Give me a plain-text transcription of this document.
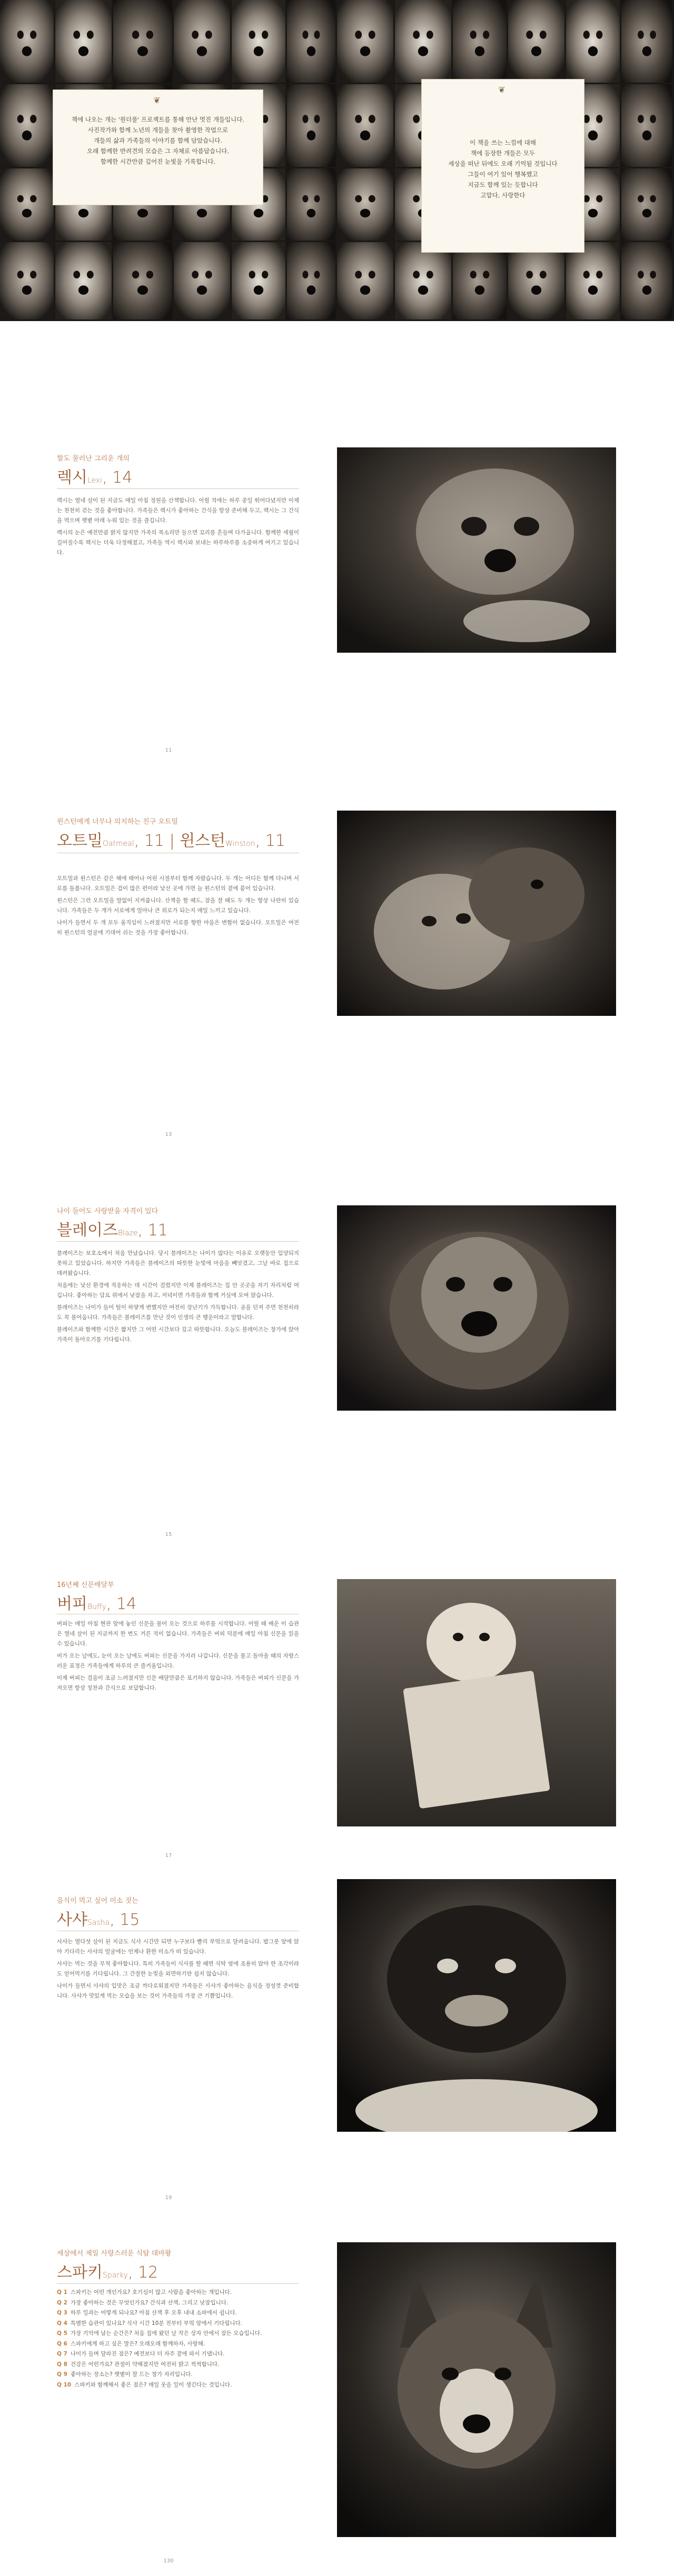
❦
책에 나오는 개는 '원더풀' 프로젝트를 통해 만난 멋진 개들입니다.
사진작가와 함께 노년의 개들을 찾아 촬영한 작업으로
개들의 삶과 가족들의 이야기를 함께 담았습니다.
오래 함께한 반려견의 모습은 그 자체로 아름답습니다.
함께한 시간만큼 깊어진 눈빛을 기록합니다.
❦
이 책을 쓰는 느낌에 대해
책에 등장한 개들은 모두
세상을 떠난 뒤에도 오래 기억될 것입니다
그들이 여기 있어 행복했고
지금도 함께 있는 듯합니다
고맙다, 사랑한다
할도 물러난 그리운 개의
렉시Lexi, 14

렉시는 열네 살이 된 지금도 매일 아침 정원을 산책합니다. 어릴 적에는 하루 종일 뛰어다녔지만 이제는 천천히 걷는 것을 좋아합니다. 가족들은 렉시가 좋아하는 간식을 항상 준비해 두고, 렉시는 그 간식을 먹으며 햇볕 아래 누워 있는 것을 즐깁니다.

렉시의 눈은 예전만큼 밝지 않지만 가족의 목소리만 들으면 꼬리를 흔들며 다가옵니다. 함께한 세월이 길어질수록 렉시는 더욱 다정해졌고, 가족들 역시 렉시와 보내는 하루하루를 소중하게 여기고 있습니다.

11
윈스턴에게 너무나 의지하는 친구 오트밀
오트밀Oatmeal, 11 | 윈스턴Winston, 11

오트밀과 윈스턴은 같은 해에 태어나 어린 시절부터 함께 자랐습니다. 두 개는 어디든 함께 다니며 서로를 돌봅니다. 오트밀은 겁이 많은 편이라 낯선 곳에 가면 늘 윈스턴의 곁에 붙어 있습니다.

윈스턴은 그런 오트밀을 말없이 지켜줍니다. 산책을 할 때도, 잠을 잘 때도 두 개는 항상 나란히 있습니다. 가족들은 두 개가 서로에게 얼마나 큰 위로가 되는지 매일 느끼고 있습니다.

나이가 들면서 두 개 모두 움직임이 느려졌지만 서로를 향한 마음은 변함이 없습니다. 오트밀은 여전히 윈스턴의 얼굴에 기대어 쉬는 것을 가장 좋아합니다.

13
나이 들어도 사랑받을 자격이 있다
블레이즈Blaze, 11

블레이즈는 보호소에서 처음 만났습니다. 당시 블레이즈는 나이가 많다는 이유로 오랫동안 입양되지 못하고 있었습니다. 하지만 가족들은 블레이즈의 따뜻한 눈빛에 마음을 빼앗겼고, 그날 바로 집으로 데려왔습니다.

처음에는 낯선 환경에 적응하는 데 시간이 걸렸지만 이제 블레이즈는 집 안 곳곳을 자기 자리처럼 여깁니다. 좋아하는 담요 위에서 낮잠을 자고, 저녁이면 가족들과 함께 거실에 모여 앉습니다.

블레이즈는 나이가 들어 털이 하얗게 변했지만 여전히 장난기가 가득합니다. 공을 던져 주면 천천히라도 꼭 물어옵니다. 가족들은 블레이즈를 만난 것이 인생의 큰 행운이라고 말합니다.

블레이즈와 함께한 시간은 짧지만 그 어떤 시간보다 깊고 따뜻합니다. 오늘도 블레이즈는 창가에 앉아 가족이 돌아오기를 기다립니다.

15
16년째 신문배달부
버피Buffy, 14

버피는 매일 아침 현관 앞에 놓인 신문을 물어 오는 것으로 하루를 시작합니다. 어릴 때 배운 이 습관은 열네 살이 된 지금까지 한 번도 거른 적이 없습니다. 가족들은 버피 덕분에 매일 아침 신문을 읽을 수 있습니다.

비가 오는 날에도, 눈이 오는 날에도 버피는 신문을 가지러 나갑니다. 신문을 물고 돌아올 때의 자랑스러운 표정은 가족들에게 하루의 큰 즐거움입니다.

이제 버피는 걸음이 조금 느려졌지만 신문 배달만큼은 포기하지 않습니다. 가족들은 버피가 신문을 가져오면 항상 칭찬과 간식으로 보답합니다.

17
음식이 먹고 싶어 미소 짓는
사샤Sasha, 15

사샤는 열다섯 살이 된 지금도 식사 시간만 되면 누구보다 빨리 부엌으로 달려옵니다. 밥그릇 앞에 앉아 기다리는 사샤의 얼굴에는 언제나 환한 미소가 떠 있습니다.

사샤는 먹는 것을 무척 좋아합니다. 특히 가족들이 식사를 할 때면 식탁 옆에 조용히 앉아 한 조각이라도 얻어먹기를 기다립니다. 그 간절한 눈빛을 외면하기란 쉽지 않습니다.

나이가 들면서 사샤의 입맛은 조금 까다로워졌지만 가족들은 사샤가 좋아하는 음식을 정성껏 준비합니다. 사샤가 맛있게 먹는 모습을 보는 것이 가족들의 가장 큰 기쁨입니다.

19
세상에서 제일 사랑스러운 식탐 대마왕
스파키Sparky, 12
Q 1 스파키는 어떤 개인가요? 호기심이 많고 사람을 좋아하는 개입니다.
Q 2 가장 좋아하는 것은 무엇인가요? 간식과 산책, 그리고 낮잠입니다.
Q 3 하루 일과는 어떻게 되나요? 아침 산책 후 오후 내내 소파에서 쉽니다.
Q 4 특별한 습관이 있나요? 식사 시간 10분 전부터 부엌 앞에서 기다립니다.
Q 5 가장 기억에 남는 순간은? 처음 집에 왔던 날 작은 상자 안에서 잠든 모습입니다.
Q 6 스파키에게 하고 싶은 말은? 오래오래 함께하자, 사랑해.
Q 7 나이가 들며 달라진 점은? 예전보다 더 자주 곁에 와서 기댑니다.
Q 8 건강은 어떤가요? 관절이 약해졌지만 여전히 밝고 씩씩합니다.
Q 9 좋아하는 장소는? 햇볕이 잘 드는 창가 자리입니다.
Q 10 스파키와 함께해서 좋은 점은? 매일 웃을 일이 생긴다는 것입니다.
130
